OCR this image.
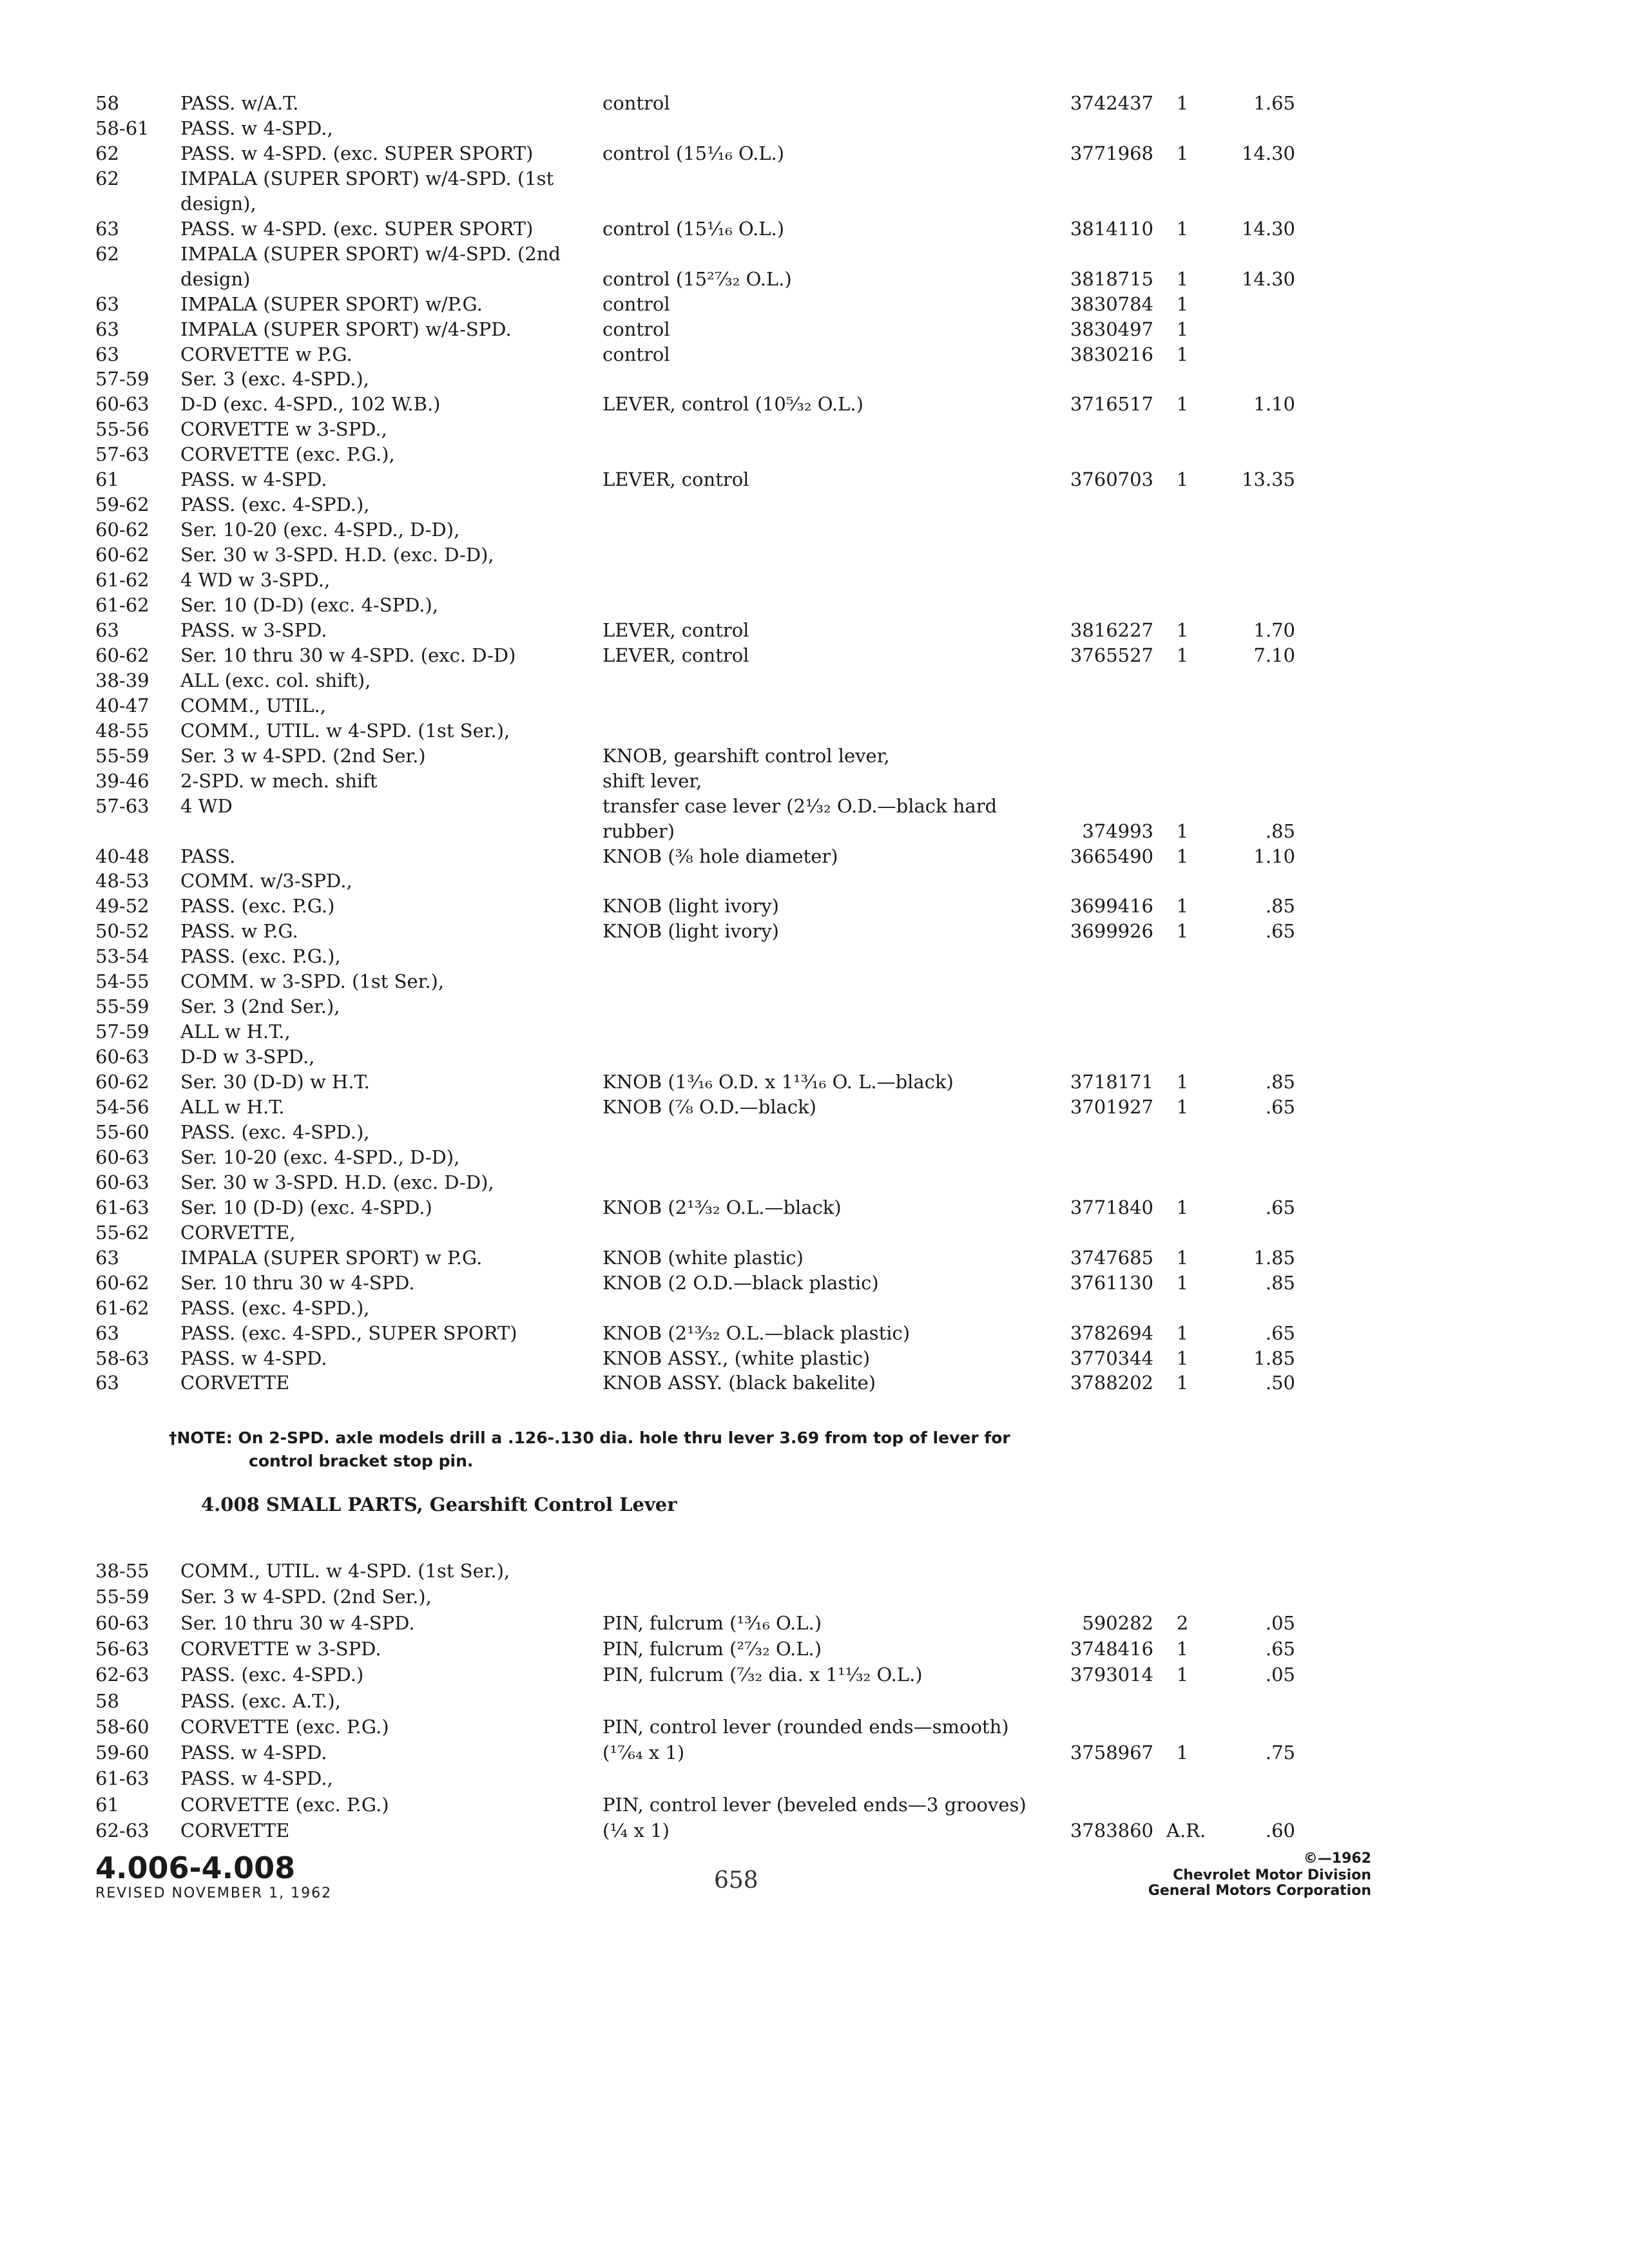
58	PASS. w/A.T.	control	3742437	1	1.65
58-61 PASS. w 4-SPD.,
62	PASS. w 4-SPD. (exc. SUPER SPORT)	control (15¹⁄₁₆ O.L.)	3771968	1	14.30
62	IMPALA (SUPER SPORT) w/4-SPD. (1st
design),
63	PASS. w 4-SPD. (exc. SUPER SPORT)	control (15¹⁄₁₆ O.L.)	3814110	1	14.30
62	IMPALA (SUPER SPORT) w/4-SPD. (2nd
design)	control (15²⁷⁄₃₂ O.L.)	3818715	1	14.30
63	IMPALA (SUPER SPORT) w/P.G.	control	3830784	1
63	IMPALA (SUPER SPORT) w/4-SPD.	control	3830497	1
63	CORVETTE w P.G.	control	3830216	1
57-59 Ser. 3 (exc. 4-SPD.),
60-63 D-D (exc. 4-SPD., 102 W.B.)	LEVER, control (10⁵⁄₃₂ O.L.)	3716517	1	1.10
55-56 CORVETTE w 3-SPD.,
57-63 CORVETTE (exc. P.G.),
61	PASS. w 4-SPD.	LEVER, control	3760703	1	13.35
59-62 PASS. (exc. 4-SPD.),
60-62 Ser. 10-20 (exc. 4-SPD., D-D),
60-62 Ser. 30 w 3-SPD. H.D. (exc. D-D),
61-62 4 WD w 3-SPD.,
61-62 Ser. 10 (D-D) (exc. 4-SPD.),
63	PASS. w 3-SPD.	LEVER, control	3816227	1	1.70
60-62 Ser. 10 thru 30 w 4-SPD. (exc. D-D)	LEVER, control	3765527	1	7.10
38-39 ALL (exc. col. shift),
40-47 COMM., UTIL.,
48-55 COMM., UTIL. w 4-SPD. (1st Ser.),
55-59 Ser. 3 w 4-SPD. (2nd Ser.)	KNOB, gearshift control lever,
39-46 2-SPD. w mech. shift	shift lever,
57-63 4 WD	transfer case lever (2¹⁄₃₂ O.D.—black hard
rubber)	374993	1	.85
40-48 PASS.	KNOB (³⁄₈ hole diameter)	3665490	1	1.10
48-53 COMM. w/3-SPD.,
49-52 PASS. (exc. P.G.)	KNOB (light ivory)	3699416	1	.85
50-52 PASS. w P.G.	KNOB (light ivory)	3699926	1	.65
53-54 PASS. (exc. P.G.),
54-55 COMM. w 3-SPD. (1st Ser.),
55-59 Ser. 3 (2nd Ser.),
57-59 ALL w H.T.,
60-63 D-D w 3-SPD.,
60-62 Ser. 30 (D-D) w H.T.	KNOB (1³⁄₁₆ O.D. x 1¹³⁄₁₆ O. L.—black)	3718171	1	.85
54-56 ALL w H.T.	KNOB (⁷⁄₈ O.D.—black)	3701927	1	.65
55-60 PASS. (exc. 4-SPD.),
60-63 Ser. 10-20 (exc. 4-SPD., D-D),
60-63 Ser. 30 w 3-SPD. H.D. (exc. D-D),
61-63 Ser. 10 (D-D) (exc. 4-SPD.)	KNOB (2¹³⁄₃₂ O.L.—black)	3771840	1	.65
55-62 CORVETTE,
63	IMPALA (SUPER SPORT) w P.G.	KNOB (white plastic)	3747685	1	1.85
60-62 Ser. 10 thru 30 w 4-SPD.	KNOB (2 O.D.—black plastic)	3761130	1	.85
61-62 PASS. (exc. 4-SPD.),
63	PASS. (exc. 4-SPD., SUPER SPORT)	KNOB (2¹³⁄₃₂ O.L.—black plastic)	3782694	1	.65
58-63 PASS. w 4-SPD.	KNOB ASSY., (white plastic)	3770344	1	1.85
63	CORVETTE	KNOB ASSY. (black bakelite)	3788202	1	.50
†NOTE: On 2-SPD. axle models drill a .126-.130 dia. hole thru lever 3.69 from top of lever for
control bracket stop pin.
4.008 SMALL PARTS, Gearshift Control Lever
38-55 COMM., UTIL. w 4-SPD. (1st Ser.),
55-59 Ser. 3 w 4-SPD. (2nd Ser.),
60-63 Ser. 10 thru 30 w 4-SPD.	PIN, fulcrum (¹³⁄₁₆ O.L.)	590282	2	.05
56-63 CORVETTE w 3-SPD.	PIN, fulcrum (²⁷⁄₃₂ O.L.)	3748416	1	.65
62-63 PASS. (exc. 4-SPD.)	PIN, fulcrum (⁷⁄₃₂ dia. x 1¹¹⁄₃₂ O.L.)	3793014	1	.05
58	PASS. (exc. A.T.),
58-60 CORVETTE (exc. P.G.)	PIN, control lever (rounded ends—smooth)
59-60 PASS. w 4-SPD.	(¹⁷⁄₆₄ x 1)	3758967	1	.75
61-63 PASS. w 4-SPD.,
61	CORVETTE (exc. P.G.)	PIN, control lever (beveled ends—3 grooves)
62-63 CORVETTE	(¹⁄₄ x 1)	3783860 A.R.	.60
4.006-4.008
REVISED NOVEMBER 1, 1962	658
©—1962
Chevrolet Motor Division
General Motors Corporation
